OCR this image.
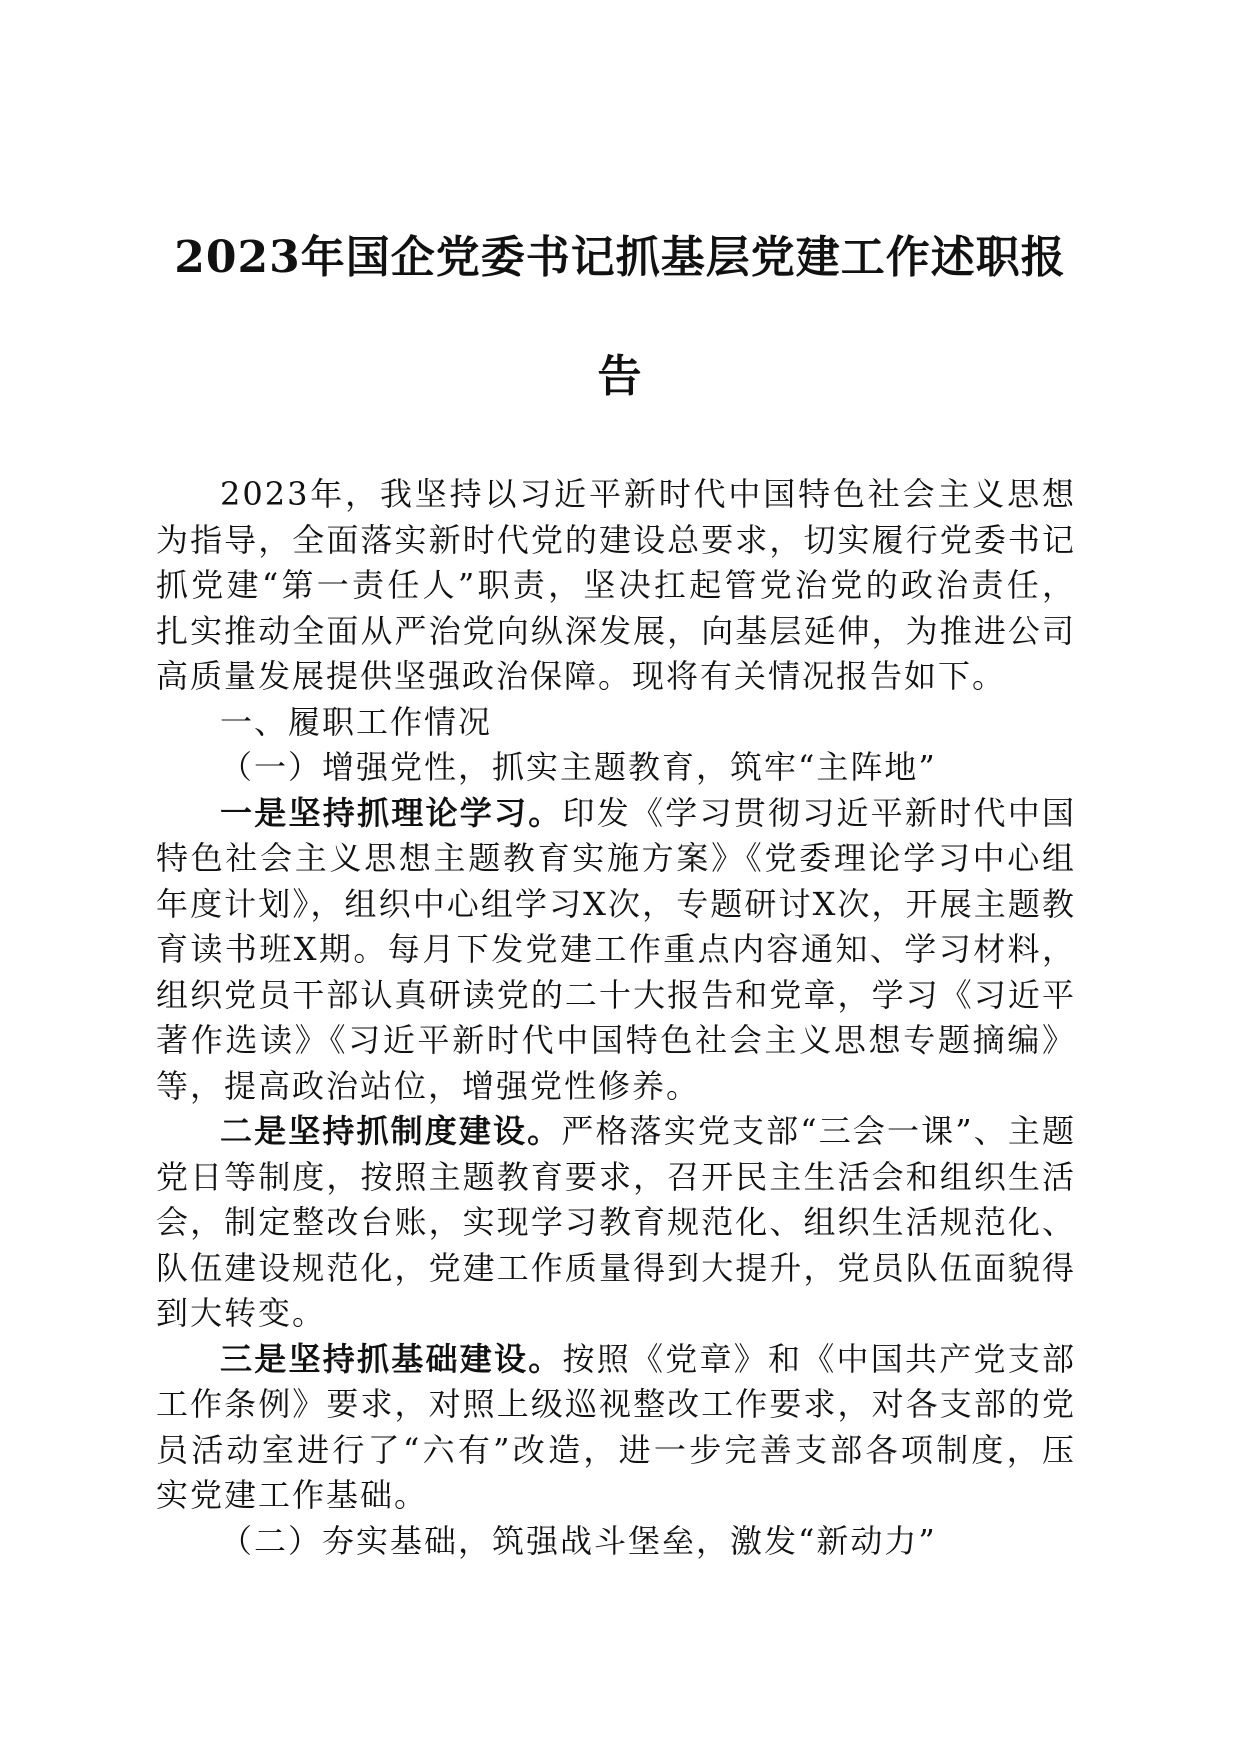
2023年国企党委书记抓基层党建工作述职报
告

2023年，我坚持以习近平新时代中国特色社会主义思想为指导，全面落实新时代党的建设总要求，切实履行党委书记抓党建“第一责任人”职责，坚决扛起管党治党的政治责任，扎实推动全面从严治党向纵深发展，向基层延伸，为推进公司高质量发展提供坚强政治保障。现将有关情况报告如下。

一、履职工作情况

（一）增强党性，抓实主题教育，筑牢“主阵地”

一是坚持抓理论学习。印发《学习贯彻习近平新时代中国特色社会主义思想主题教育实施方案》《党委理论学习中心组年度计划》，组织中心组学习X次，专题研讨X次，开展主题教育读书班X期。每月下发党建工作重点内容通知、学习材料，组织党员干部认真研读党的二十大报告和党章，学习《习近平著作选读》《习近平新时代中国特色社会主义思想专题摘编》等，提高政治站位，增强党性修养。

二是坚持抓制度建设。严格落实党支部“三会一课”、主题党日等制度，按照主题教育要求，召开民主生活会和组织生活会，制定整改台账，实现学习教育规范化、组织生活规范化、队伍建设规范化，党建工作质量得到大提升，党员队伍面貌得到大转变。

三是坚持抓基础建设。按照《党章》和《中国共产党支部工作条例》要求，对照上级巡视整改工作要求，对各支部的党员活动室进行了“六有”改造，进一步完善支部各项制度，压实党建工作基础。

（二）夯实基础，筑强战斗堡垒，激发“新动力”
